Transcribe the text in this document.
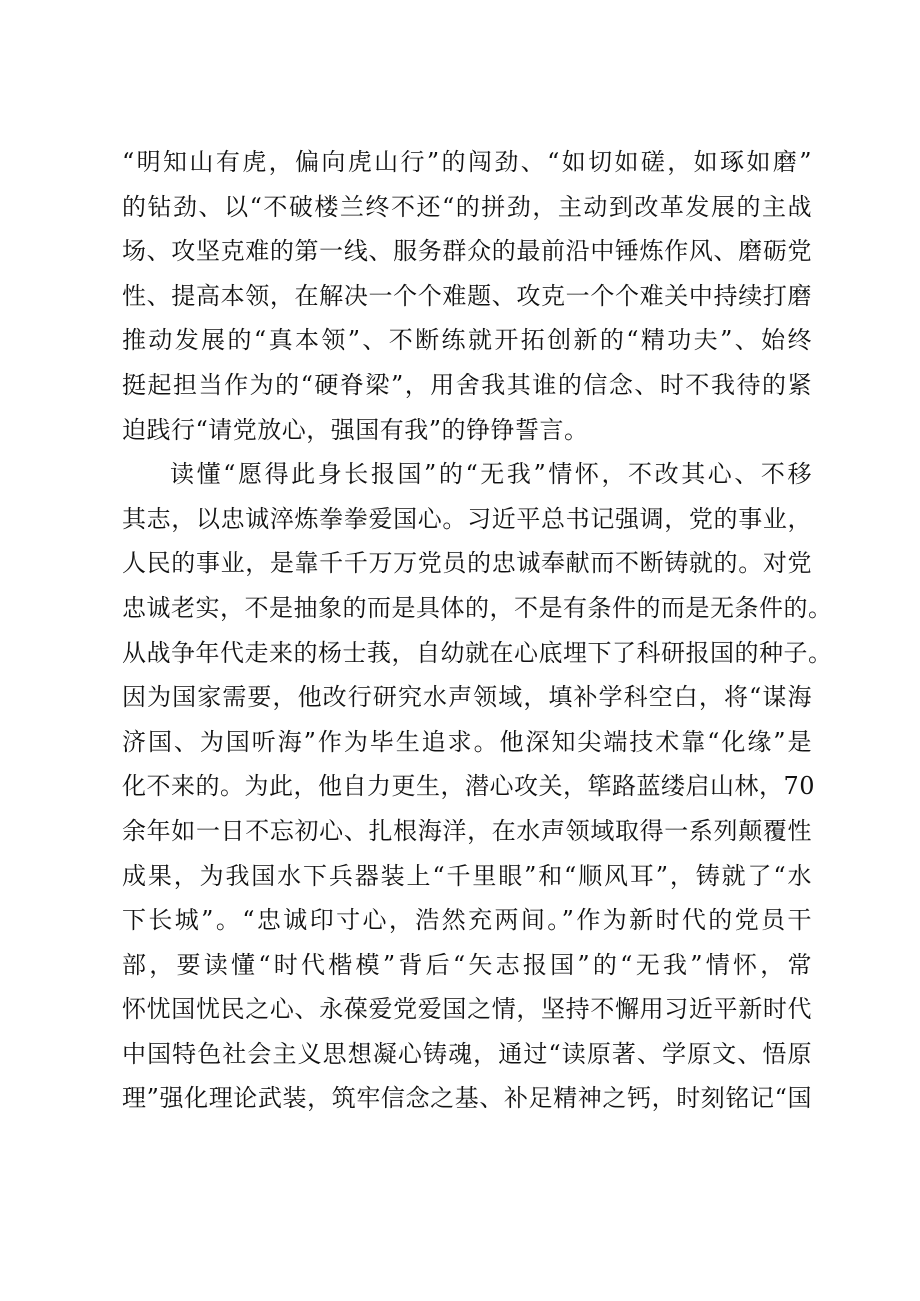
“明知山有虎，偏向虎山行”的闯劲、“如切如磋，如琢如磨”
的钻劲、以“不破楼兰终不还“的拼劲，主动到改革发展的主战
场、攻坚克难的第一线、服务群众的最前沿中锤炼作风、磨砺党
性、提高本领，在解决一个个难题、攻克一个个难关中持续打磨
推动发展的“真本领”、不断练就开拓创新的“精功夫”、始终
挺起担当作为的“硬脊梁”，用舍我其谁的信念、时不我待的紧
迫践行“请党放心，强国有我”的铮铮誓言。
读懂“愿得此身长报国”的“无我”情怀，不改其心、不移
其志，以忠诚淬炼拳拳爱国心。习近平总书记强调，党的事业，
人民的事业，是靠千千万万党员的忠诚奉献而不断铸就的。对党
忠诚老实，不是抽象的而是具体的，不是有条件的而是无条件的。
从战争年代走来的杨士莪，自幼就在心底埋下了科研报国的种子。
因为国家需要，他改行研究水声领域，填补学科空白，将“谋海
济国、为国听海”作为毕生追求。他深知尖端技术靠“化缘”是
化不来的。为此，他自力更生，潜心攻关，筚路蓝缕启山林，70
余年如一日不忘初心、扎根海洋，在水声领域取得一系列颠覆性
成果，为我国水下兵器装上“千里眼”和“顺风耳”，铸就了“水
下长城”。“忠诚印寸心，浩然充两间。”作为新时代的党员干
部，要读懂“时代楷模”背后“矢志报国”的“无我”情怀，常
怀忧国忧民之心、永葆爱党爱国之情，坚持不懈用习近平新时代
中国特色社会主义思想凝心铸魂，通过“读原著、学原文、悟原
理”强化理论武装，筑牢信念之基、补足精神之钙，时刻铭记“国
